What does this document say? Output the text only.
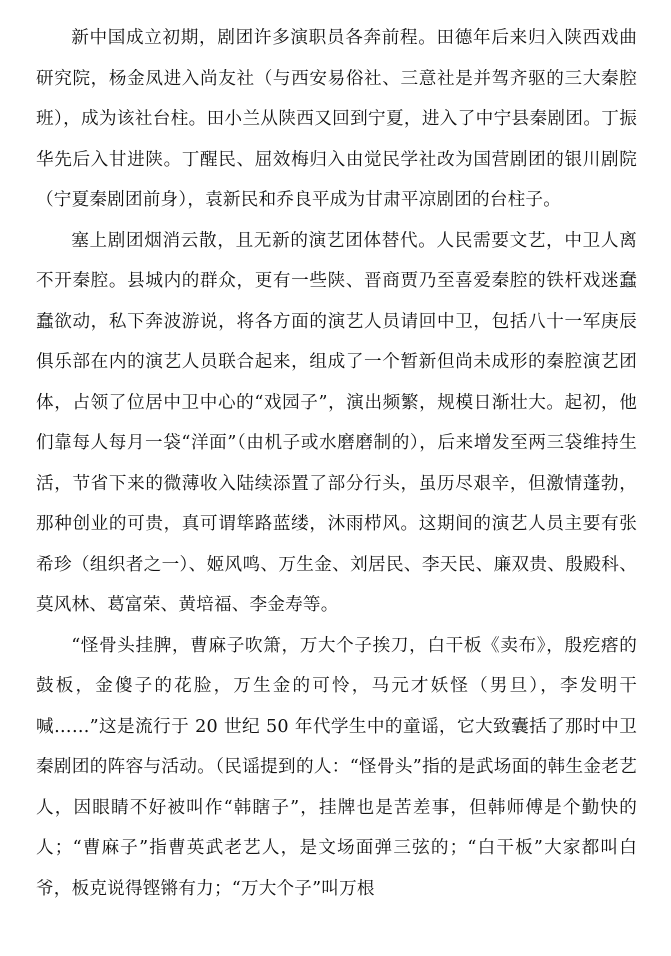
新中国成立初期，剧团许多演职员各奔前程。田德年后来归入陕西戏曲研究院，杨金凤进入尚友社（与西安易俗社、三意社是并驾齐驱的三大秦腔班），成为该社台柱。田小兰从陕西又回到宁夏，进入了中宁县秦剧团。丁振华先后入甘进陕。丁醒民、屈效梅归入由觉民学社改为国营剧团的银川剧院（宁夏秦剧团前身），袁新民和乔良平成为甘肃平凉剧团的台柱子。

塞上剧团烟消云散，且无新的演艺团体替代。人民需要文艺，中卫人离不开秦腔。县城内的群众，更有一些陕、晋商贾乃至喜爱秦腔的铁杆戏迷蠢蠢欲动，私下奔波游说，将各方面的演艺人员请回中卫，包括八十一军庚辰俱乐部在内的演艺人员联合起来，组成了一个暂新但尚未成形的秦腔演艺团体，占领了位居中卫中心的“戏园子”，演出频繁，规模日渐壮大。起初，他们靠每人每月一袋“洋面”（由机子或水磨磨制的），后来增发至两三袋维持生活，节省下来的微薄收入陆续添置了部分行头，虽历尽艰辛，但激情蓬勃，那种创业的可贵，真可谓筚路蓝缕，沐雨栉风。这期间的演艺人员主要有张希珍（组织者之一）、姬风鸣、万生金、刘居民、李天民、廉双贵、殷殿科、莫风林、葛富荣、黄培福、李金寿等。

“怪骨头挂脾，曹麻子吹箫，万大个子挨刀，白干板《卖布》，殷疙瘩的鼓板，金傻子的花脸，万生金的可怜，马元才妖怪（男旦），李发明干喊……”这是流行于 20 世纪 50 年代学生中的童谣，它大致囊括了那时中卫秦剧团的阵容与活动。（民谣提到的人：“怪骨头”指的是武场面的韩生金老艺人，因眼睛不好被叫作“韩瞎子”，挂牌也是苦差事，但韩师傅是个勤快的人；“曹麻子”指曹英武老艺人，是文场面弹三弦的；“白干板”大家都叫白爷，板克说得铿锵有力；“万大个子”叫万根
